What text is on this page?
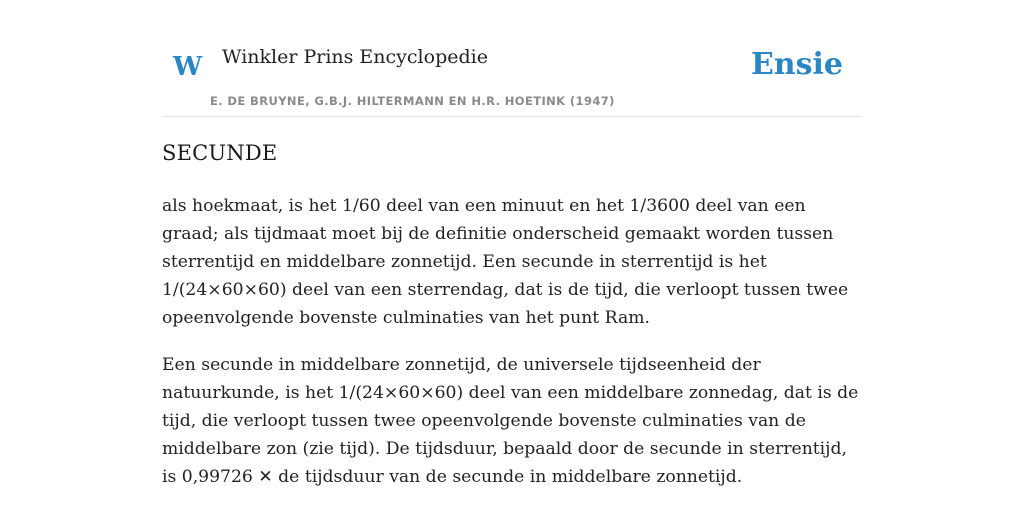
W Winkler Prins Encyclopedie
E. DE BRUYNE, G.B.J. HILTERMANN EN H.R. HOETINK (1947)
Ensie
SECUNDE

als hoekmaat, is het 1/60 deel van een minuut en het 1/3600 deel van een graad; als tijdmaat moet bij de definitie onderscheid gemaakt worden tussen sterrentijd en middelbare zonnetijd. Een secunde in sterrentijd is het 1/(24×60×60) deel van een sterrendag, dat is de tijd, die verloopt tussen twee opeenvolgende bovenste culminaties van het punt Ram.

Een secunde in middelbare zonnetijd, de universele tijdseenheid der natuurkunde, is het 1/(24×60×60) deel van een middelbare zonnedag, dat is de tijd, die verloopt tussen twee opeenvolgende bovenste culminaties van de middelbare zon (zie tijd). De tijdsduur, bepaald door de secunde in sterrentijd, is 0,99726 ✕ de tijdsduur van de secunde in middelbare zonnetijd.
